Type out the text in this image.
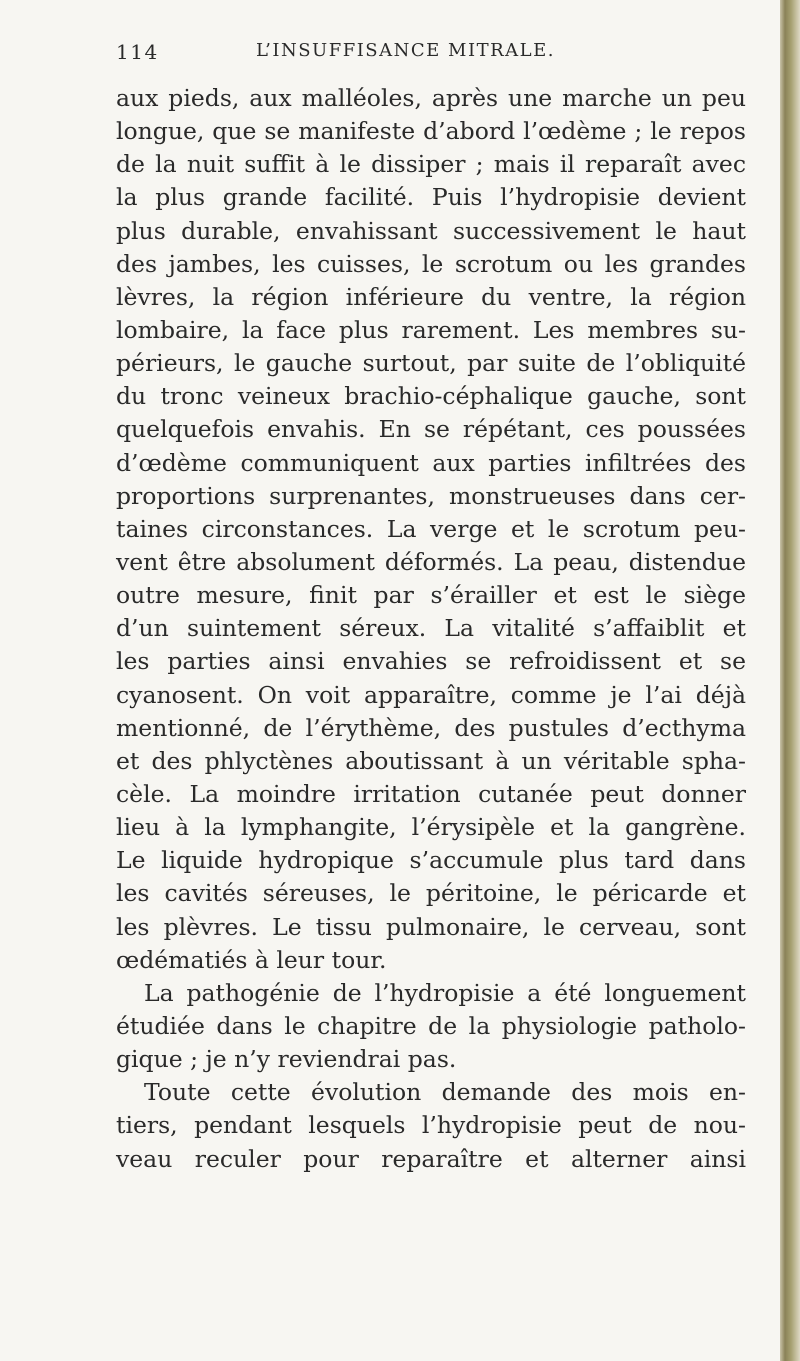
114	L’INSUFFISANCE MITRALE.
aux pieds, aux malléoles, après une marche un peu
longue, que se manifeste d’abord l’œdème ; le repos
de la nuit suffit à le dissiper ; mais il reparaît avec
la plus grande facilité. Puis l’hydropisie devient
plus durable, envahissant successivement le haut
des jambes, les cuisses, le scrotum ou les grandes
lèvres, la région inférieure du ventre, la région
lombaire, la face plus rarement. Les membres su-
périeurs, le gauche surtout, par suite de l’obliquité
du tronc veineux brachio-céphalique gauche, sont
quelquefois envahis. En se répétant, ces poussées
d’œdème communiquent aux parties infiltrées des
proportions surprenantes, monstrueuses dans cer-
taines circonstances. La verge et le scrotum peu-
vent être absolument déformés. La peau, distendue
outre mesure, finit par s’érailler et est le siège
d’un suintement séreux. La vitalité s’affaiblit et
les parties ainsi envahies se refroidissent et se
cyanosent. On voit apparaître, comme je l’ai déjà
mentionné, de l’érythème, des pustules d’ecthyma
et des phlyctènes aboutissant à un véritable spha-
cèle. La moindre irritation cutanée peut donner
lieu à la lymphangite, l’érysipèle et la gangrène.
Le liquide hydropique s’accumule plus tard dans
les cavités séreuses, le péritoine, le péricarde et
les plèvres. Le tissu pulmonaire, le cerveau, sont
œdématiés à leur tour.
La pathogénie de l’hydropisie a été longuement
étudiée dans le chapitre de la physiologie patholo-
gique ; je n’y reviendrai pas.
Toute cette évolution demande des mois en-
tiers, pendant lesquels l’hydropisie peut de nou-
veau reculer pour reparaître et alterner ainsi
